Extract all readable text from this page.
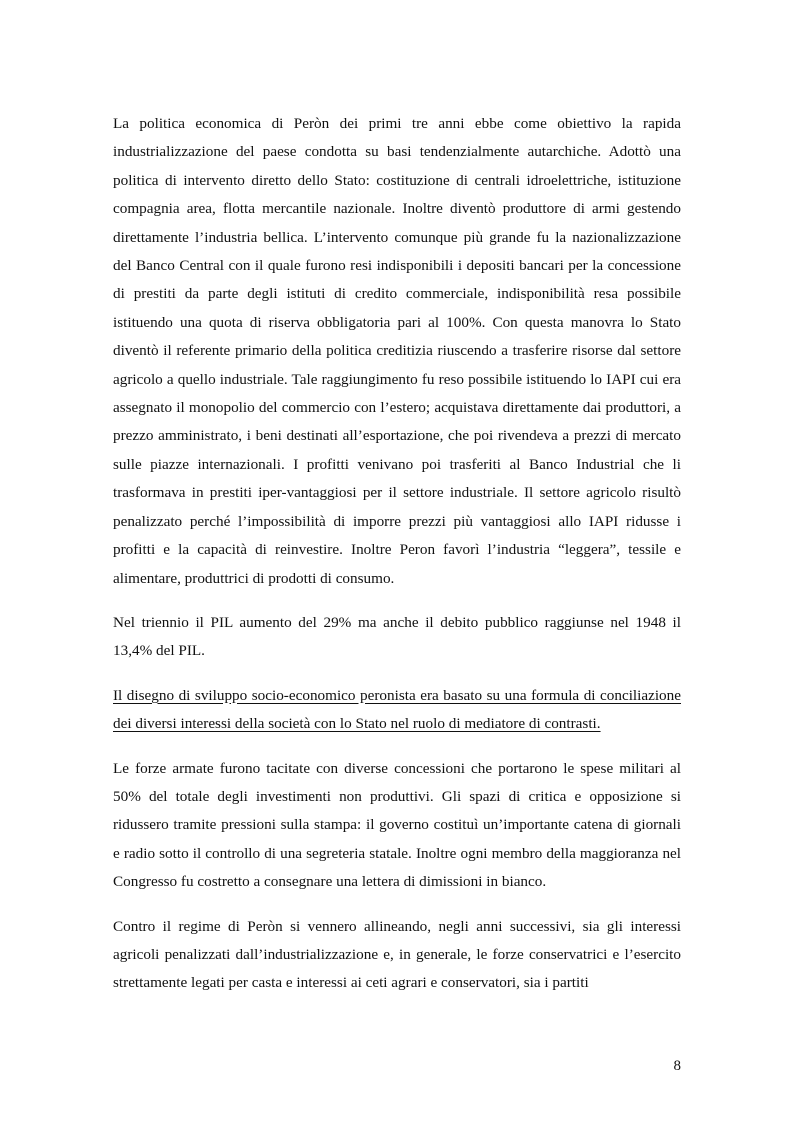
La politica economica di Peròn dei primi tre anni ebbe come obiettivo la rapida industrializzazione del paese condotta su basi tendenzialmente autarchiche. Adottò una politica di intervento diretto dello Stato: costituzione di centrali idroelettriche, istituzione compagnia area, flotta mercantile nazionale. Inoltre diventò produttore di armi gestendo direttamente l’industria bellica. L’intervento comunque più grande fu la nazionalizzazione del Banco Central con il quale furono resi indisponibili i depositi bancari per la concessione di prestiti da parte degli istituti di credito commerciale, indisponibilità resa possibile istituendo una quota di riserva obbligatoria pari al 100%. Con questa manovra lo Stato diventò il referente primario della politica creditizia riuscendo a trasferire risorse dal settore agricolo a quello industriale. Tale raggiungimento fu reso possibile istituendo lo IAPI cui era assegnato il monopolio del commercio con l’estero; acquistava direttamente dai produttori, a prezzo amministrato, i beni destinati all’esportazione, che poi rivendeva a prezzi di mercato sulle piazze internazionali. I profitti venivano poi trasferiti al Banco Industrial che li trasformava in prestiti iper-vantaggiosi per il settore industriale. Il settore agricolo risultò penalizzato perché l’impossibilità di imporre prezzi più vantaggiosi allo IAPI ridusse i profitti e la capacità di reinvestire. Inoltre Peron favorì l’industria “leggera”, tessile e alimentare, produttrici di prodotti di consumo.

Nel triennio il PIL aumento del 29% ma anche il debito pubblico raggiunse nel 1948 il 13,4% del PIL.

Il disegno di sviluppo socio-economico peronista era basato su una formula di conciliazione dei diversi interessi della società con lo Stato nel ruolo di mediatore di contrasti.

Le forze armate furono tacitate con diverse concessioni che portarono le spese militari al 50% del totale degli investimenti non produttivi. Gli spazi di critica e opposizione si ridussero tramite pressioni sulla stampa: il governo costituì un’importante catena di giornali e radio sotto il controllo di una segreteria statale. Inoltre ogni membro della maggioranza nel Congresso fu costretto a consegnare una lettera di dimissioni in bianco.

Contro il regime di Peròn si vennero allineando, negli anni successivi, sia gli interessi agricoli penalizzati dall’industrializzazione e, in generale, le forze conservatrici e l’esercito strettamente legati per casta e interessi ai ceti agrari e conservatori, sia i partiti

8
